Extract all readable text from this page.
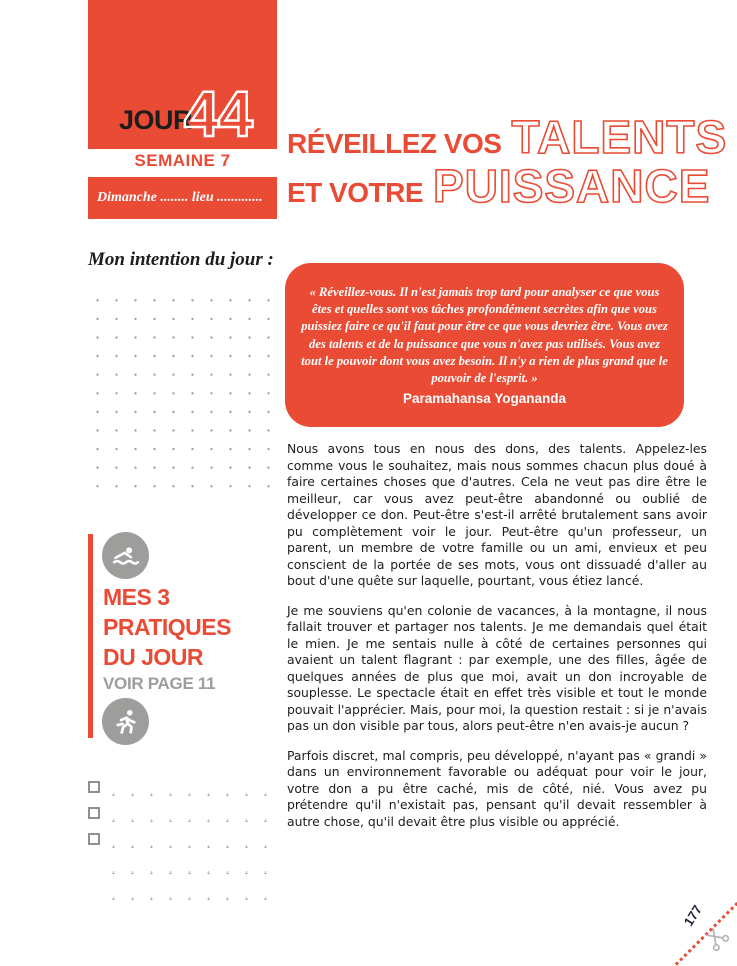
JOUR
44
SEMAINE 7
Dimanche ........ lieu .............
RÉVEILLEZ VOS TALENTS
ET VOTRE PUISSANCE
« Réveillez-vous. Il n'est jamais trop tard pour analyser ce que vous êtes et quelles sont vos tâches profondément secrètes afin que vous puissiez faire ce qu'il faut pour être ce que vous devriez être. Vous avez des talents et de la puissance que vous n'avez pas utilisés. Vous avez tout le pouvoir dont vous avez besoin. Il n'y a rien de plus grand que le pouvoir de l'esprit. »
Paramahansa Yogananda

Nous avons tous en nous des dons, des talents. Appelez-les comme vous le souhaitez, mais nous sommes chacun plus doué à faire certaines choses que d'autres. Cela ne veut pas dire être le meilleur, car vous avez peut-être abandonné ou oublié de développer ce don. Peut-être s'est-il arrêté brutalement sans avoir pu complètement voir le jour. Peut-être qu'un professeur, un parent, un membre de votre famille ou un ami, envieux et peu conscient de la portée de ses mots, vous ont dissuadé d'aller au bout d'une quête sur laquelle, pourtant, vous étiez lancé.

Je me souviens qu'en colonie de vacances, à la montagne, il nous fallait trouver et partager nos talents. Je me demandais quel était le mien. Je me sentais nulle à côté de certaines personnes qui avaient un talent flagrant : par exemple, une des filles, âgée de quelques années de plus que moi, avait un don incroyable de souplesse. Le spectacle était en effet très visible et tout le monde pouvait l'apprécier. Mais, pour moi, la question restait : si je n'avais pas un don visible par tous, alors peut-être n'en avais-je aucun ?

Parfois discret, mal compris, peu développé, n'ayant pas « grandi » dans un environnement favorable ou adéquat pour voir le jour, votre don a pu être caché, mis de côté, nié. Vous avez pu prétendre qu'il n'existait pas, pensant qu'il devait ressembler à autre chose, qu'il devait être plus visible ou apprécié.

Mon intention du jour :
MES 3 PRATIQUES DU JOUR
VOIR PAGE 11
177
